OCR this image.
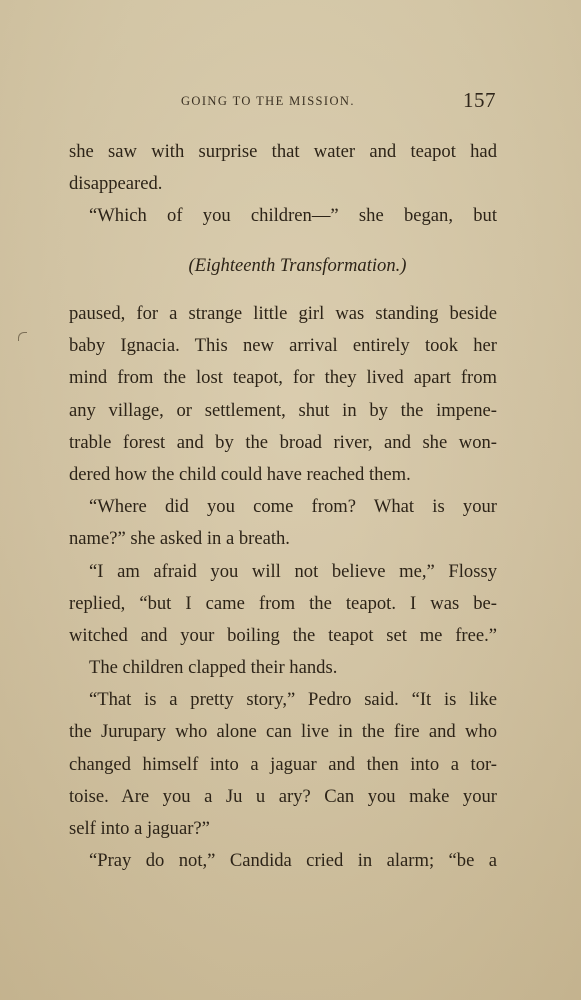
GOING TO THE MISSION.	157
she saw with surprise that water and teapot had
disappeared.
“Which of you children—” she began, but
(Eighteenth Transformation.)
paused, for a strange little girl was standing beside
baby Ignacia. This new arrival entirely took her
mind from the lost teapot, for they lived apart from
any village, or settlement, shut in by the impene-
trable forest and by the broad river, and she won-
dered how the child could have reached them.
“Where did you come from? What is your
name?” she asked in a breath.
“I am afraid you will not believe me,” Flossy
replied, “but I came from the teapot. I was be-
witched and your boiling the teapot set me free.”
The children clapped their hands.
“That is a pretty story,” Pedro said. “It is like
the Jurupary who alone can live in the fire and who
changed himself into a jaguar and then into a tor-
toise. Are you a Ju u ary? Can you make your
self into a jaguar?”
“Pray do not,” Candida cried in alarm; “be a
